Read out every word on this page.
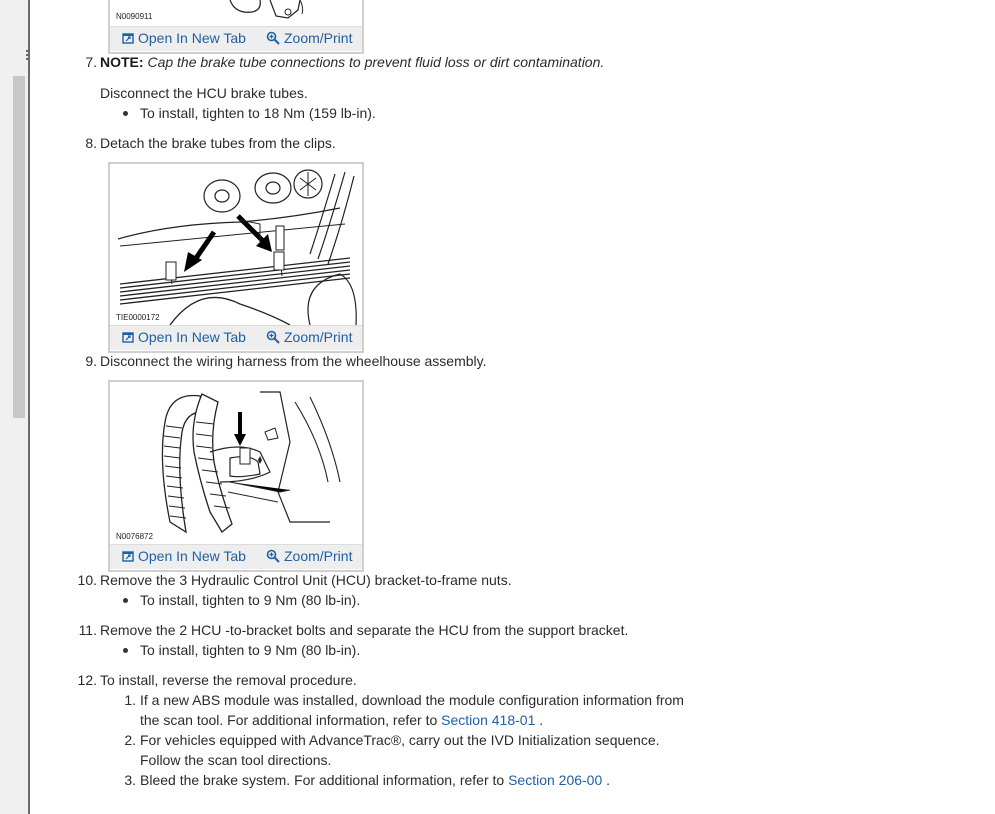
N0090911
Open In New Tab	Zoom/Print
7. NOTE: Cap the brake tube connections to prevent fluid loss or dirt contamination.
Disconnect the HCU brake tubes.
To install, tighten to 18 Nm (159 lb-in).
8. Detach the brake tubes from the clips.
TIE0000172
Open In New Tab	Zoom/Print
9. Disconnect the wiring harness from the wheelhouse assembly.
N0076872
Open In New Tab	Zoom/Print
10. Remove the 3 Hydraulic Control Unit (HCU) bracket-to-frame nuts.
To install, tighten to 9 Nm (80 lb-in).
11. Remove the 2 HCU -to-bracket bolts and separate the HCU from the support bracket.
To install, tighten to 9 Nm (80 lb-in).
12. To install, reverse the removal procedure.
1. If a new ABS module was installed, download the module configuration information from
the scan tool. For additional information, refer to Section 418-01 .
2. For vehicles equipped with AdvanceTrac®, carry out the IVD Initialization sequence.
Follow the scan tool directions.
3. Bleed the brake system. For additional information, refer to Section 206-00 .
